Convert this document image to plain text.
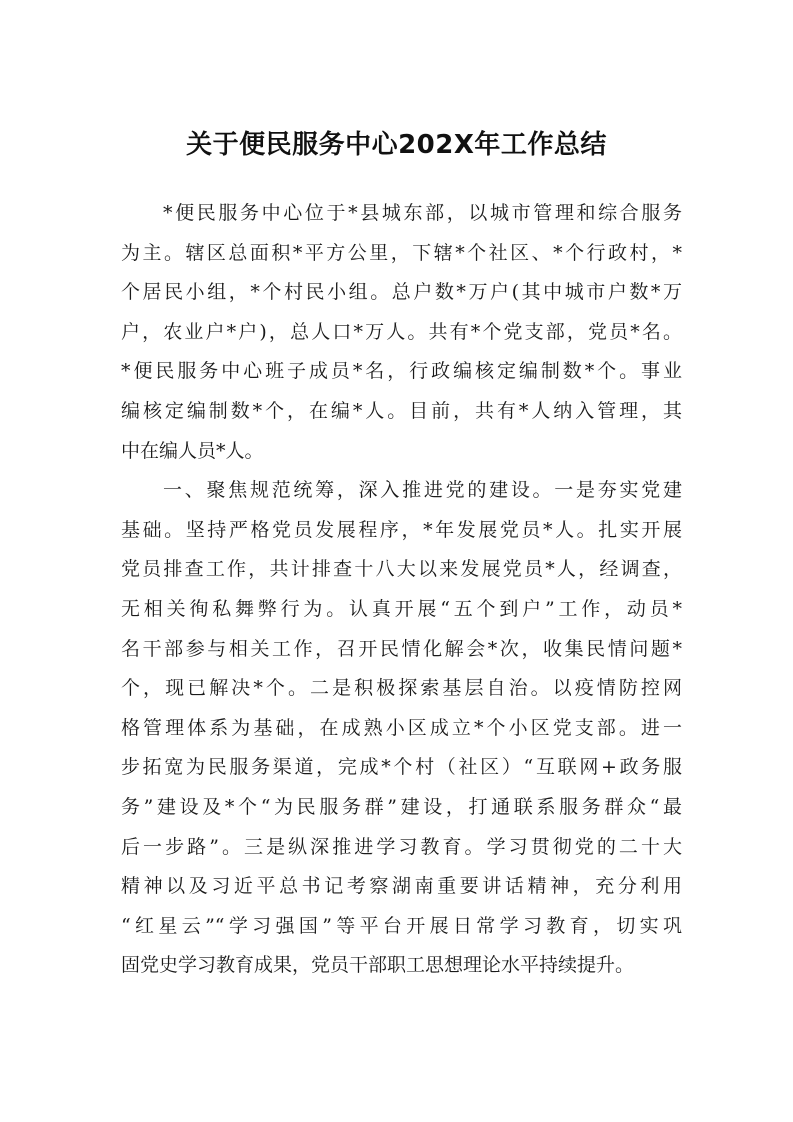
关于便民服务中心202X年工作总结

*便民服务中心位于*县城东部，以城市管理和综合服务
为主。辖区总面积*平方公里，下辖*个社区、*个行政村，*
个居民小组，*个村民小组。总户数*万户(其中城市户数*万
户，农业户*户)，总人口*万人。共有*个党支部，党员*名。
*便民服务中心班子成员*名，行政编核定编制数*个。事业
编核定编制数*个，在编*人。目前，共有*人纳入管理，其
中在编人员*人。

一、聚焦规范统筹，深入推进党的建设。一是夯实党建
基础。坚持严格党员发展程序，*年发展党员*人。扎实开展
党员排查工作，共计排查十八大以来发展党员*人，经调查，
无相关徇私舞弊行为。认真开展“五个到户”工作，动员*
名干部参与相关工作，召开民情化解会*次，收集民情问题*
个，现已解决*个。二是积极探索基层自治。以疫情防控网
格管理体系为基础，在成熟小区成立*个小区党支部。进一
步拓宽为民服务渠道，完成*个村（社区）“互联网+政务服
务”建设及*个“为民服务群”建设，打通联系服务群众“最
后一步路”。三是纵深推进学习教育。学习贯彻党的二十大
精神以及习近平总书记考察湖南重要讲话精神，充分利用
“红星云”“学习强国”等平台开展日常学习教育，切实巩
固党史学习教育成果，党员干部职工思想理论水平持续提升。
